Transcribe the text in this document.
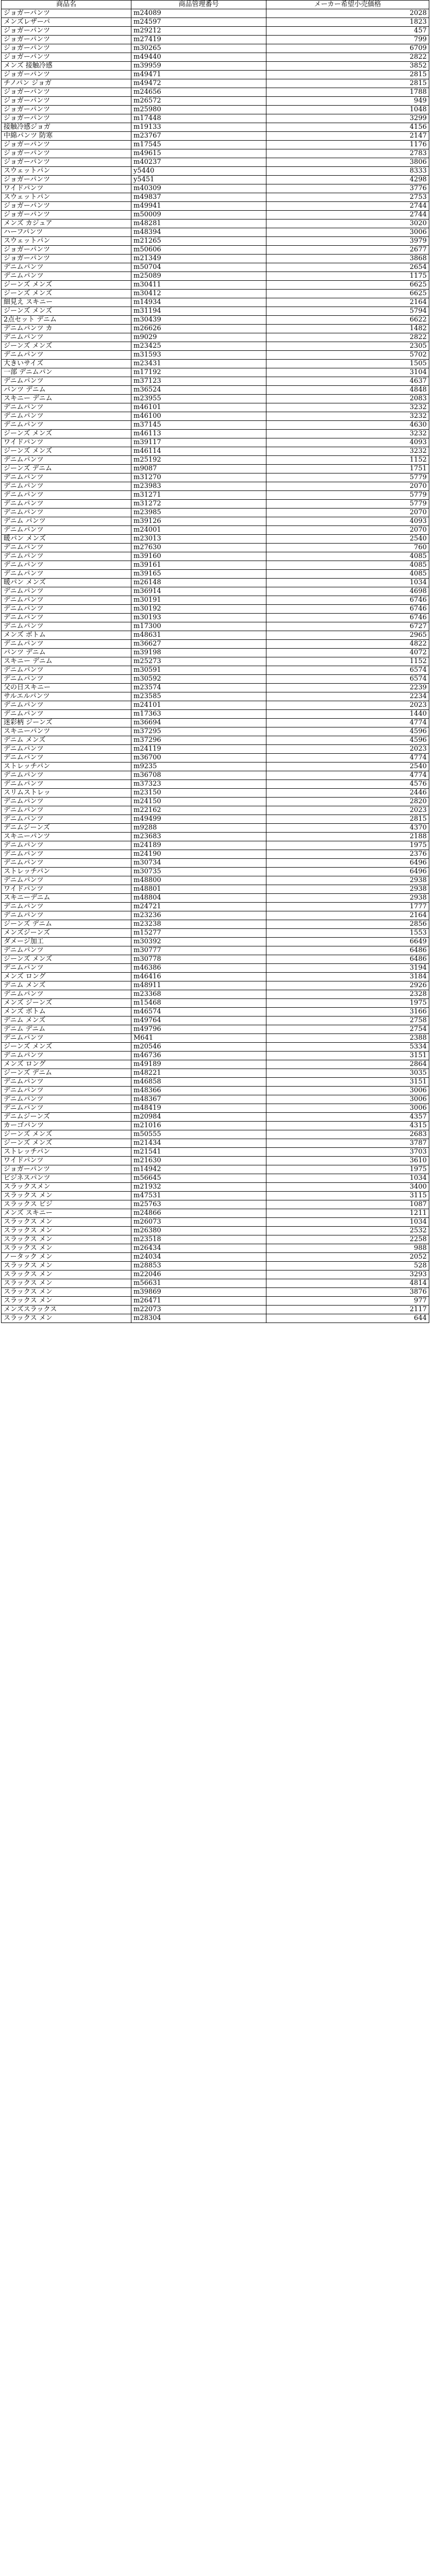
商品名	商品管理番号	メーカー希望小売価格
ジョガーパンツ	m24089	2028
メンズレザーパ	m24597	1823
ジョガーパンツ	m29212	457
ジョガーパンツ	m27419	799
ジョガーパンツ	m30265	6709
ジョガーパンツ	m49440	2822
メンズ 接触冷感	m39959	3852
ジョガーパンツ	m49471	2815
チノパン ジョガ	m49472	2815
ジョガーパンツ	m24656	1788
ジョガーパンツ	m26572	949
ジョガーパンツ	m25980	1048
ジョガーパンツ	m17448	3299
接触冷感ジョガ	m19133	4156
中綿パンツ 防寒	m23767	2147
ジョガーパンツ	m17545	1176
ジョガーパンツ	m49615	2783
ジョガーパンツ	m40237	3806
スウェットパン	y5440	8333
ジョガーパンツ	y5451	4298
ワイドパンツ	m40309	3776
スウェットパン	m49837	2753
ジョガーパンツ	m49941	2744
ジョガーパンツ	m50009	2744
メンズ カジュア	m48281	3020
ハーフパンツ	m48394	3006
スウェットパン	m21265	3979
ジョガーパンツ	m50606	2677
ジョガーパンツ	m21349	3868
デニムパンツ	m50704	2654
デニムパンツ	m25089	1175
ジーンズ メンズ	m30411	6625
ジーンズ メンズ	m30412	6625
細見え スキニー	m14934	2164
ジーンズ メンズ	m31194	5794
2点セット デニム	m30439	6622
デニムパンツ カ	m26626	1482
デニムパンツ	m9029	2822
ジーンズ メンズ	m23425	2305
デニムパンツ	m31593	5702
大きいサイズ	m23431	1505
一部 デニムパン	m17192	3104
デニムパンツ	m37123	4637
パンツ デニム	m36524	4848
スキニー デニム	m23955	2083
デニムパンツ	m46101	3232
デニムパンツ	m46100	3232
デニムパンツ	m37145	4630
ジーンズ メンズ	m46113	3232
ワイドパンツ	m39117	4093
ジーンズ メンズ	m46114	3232
デニムパンツ	m25192	1152
ジーンズ デニム	m9087	1751
デニムパンツ	m31270	5779
デニムパンツ	m23983	2070
デニムパンツ	m31271	5779
デニムパンツ	m31272	5779
デニムパンツ	m23985	2070
デニム パンツ	m39126	4093
デニムパンツ	m24001	2070
暖パン メンズ	m23013	2540
デニムパンツ	m27630	760
デニムパンツ	m39160	4085
デニムパンツ	m39161	4085
デニムパンツ	m39165	4085
暖パン メンズ	m26148	1034
デニムパンツ	m36914	4698
デニムパンツ	m30191	6746
デニムパンツ	m30192	6746
デニムパンツ	m30193	6746
デニムパンツ	m17300	6727
メンズ ボトム	m48631	2965
デニムパンツ	m36627	4822
パンツ デニム	m39198	4072
スキニー デニム	m25273	1152
デニムパンツ	m30591	6574
デニムパンツ	m30592	6574
父の日スキニー	m23574	2239
サルエルパンツ	m23585	2234
デニムパンツ	m24101	2023
デニムパンツ	m17363	1440
迷彩柄 ジーンズ	m36694	4774
スキニーパンツ	m37295	4596
デニム メンズ	m37296	4596
デニムパンツ	m24119	2023
デニムパンツ	m36700	4774
ストレッチパン	m9235	2540
デニムパンツ	m36708	4774
デニムパンツ	m37323	4576
スリムストレッ	m23150	2446
デニムパンツ	m24150	2820
デニムパンツ	m22162	2023
デニムパンツ	m49499	2815
デニムジーンズ	m9288	4370
スキニーパンツ	m23683	2188
デニムパンツ	m24189	1975
デニムパンツ	m24190	2376
デニムパンツ	m30734	6496
ストレッチパン	m30735	6496
デニムパンツ	m48800	2938
ワイドパンツ	m48801	2938
スキニーデニム	m48804	2938
デニムパンツ	m24721	1777
デニムパンツ	m23236	2164
ジーンズ デニム	m23238	2856
メンズジーンズ	m15277	1553
ダメージ加工	m30392	6649
デニムパンツ	m30777	6486
ジーンズ メンズ	m30778	6486
デニムパンツ	m46386	3194
メンズ ロング	m46416	3184
デニム メンズ	m48911	2926
デニムパンツ	m23368	2328
メンズ ジーンズ	m15468	1975
メンズ ボトム	m46574	3166
デニム メンズ	m49764	2758
デニム デニム	m49796	2754
デニムパンツ	M641	2388
ジーンズ メンズ	m20546	5334
デニムパンツ	m46736	3151
メンズ ロング	m49189	2864
ジーンズ デニム	m48221	3035
デニムパンツ	m46858	3151
デニムパンツ	m48366	3006
デニムパンツ	m48367	3006
デニムパンツ	m48419	3006
デニムジーンズ	m20984	4357
カーゴパンツ	m21016	4315
ジーンズ メンズ	m50555	2683
ジーンズ メンズ	m21434	3787
ストレッチパン	m21541	3703
ワイドパンツ	m21630	3610
ジョガーパンツ	m14942	1975
ビジネスパンツ	m56645	1034
スラックスメン	m21932	3400
スラックス メン	m47531	3115
スラックス ビジ	m25763	1087
メンズ スキニー	m24866	1211
スラックス メン	m26073	1034
スラックス メン	m26380	2532
スラックス メン	m23518	2258
スラックス メン	m26434	988
ノータック メン	m24034	2052
スラックス メン	m28853	528
スラックス メン	m22046	3293
スラックス メン	m56631	4814
スラックス メン	m39869	3876
スラックス メン	m26471	977
メンズスラックス	m22073	2117
スラックス メン	m28304	644
